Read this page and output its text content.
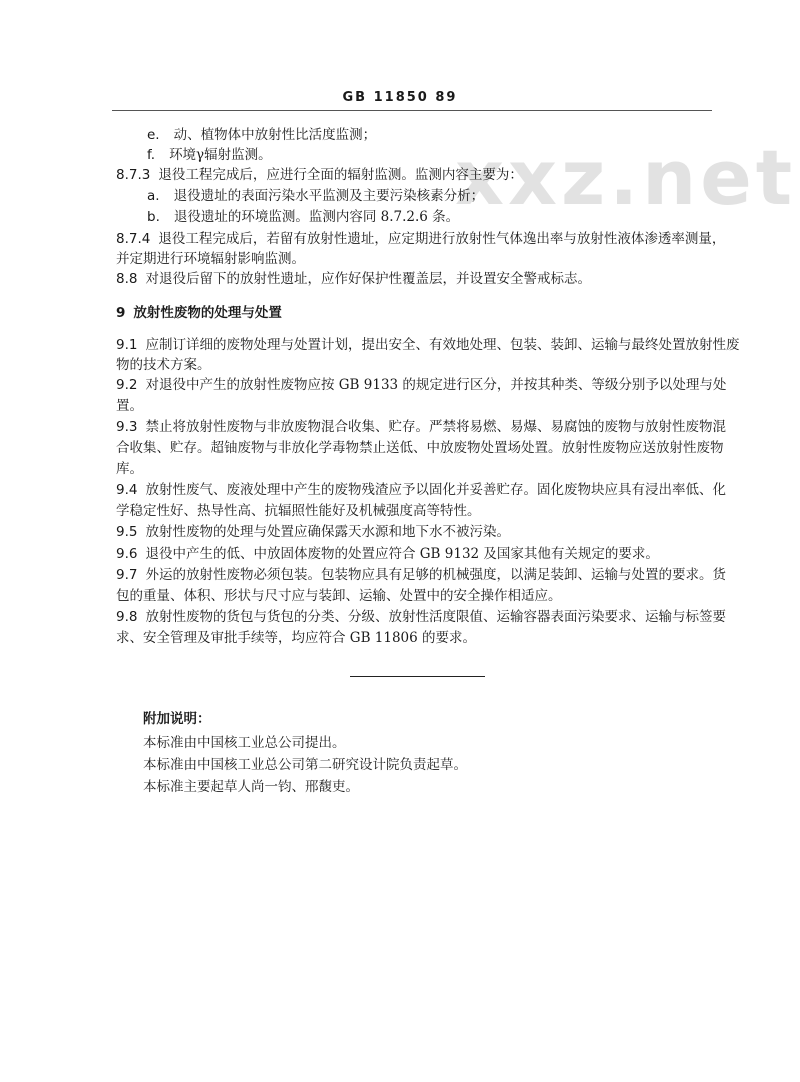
GB 11850 89
xxz.net
e. 动、植物体中放射性比活度监测；
f. 环境γ辐射监测。
8.7.3 退役工程完成后，应进行全面的辐射监测。监测内容主要为：
a. 退役遗址的表面污染水平监测及主要污染核素分析；
b. 退役遗址的环境监测。监测内容同 8.7.2.6 条。
8.7.4 退役工程完成后，若留有放射性遗址，应定期进行放射性气体逸出率与放射性液体渗透率测量，
并定期进行环境辐射影响监测。
8.8 对退役后留下的放射性遗址，应作好保护性覆盖层，并设置安全警戒标志。
9 放射性废物的处理与处置
9.1 应制订详细的废物处理与处置计划，提出安全、有效地处理、包装、装卸、运输与最终处置放射性废
物的技术方案。
9.2 对退役中产生的放射性废物应按 GB 9133 的规定进行区分，并按其种类、等级分别予以处理与处
置。
9.3 禁止将放射性废物与非放废物混合收集、贮存。严禁将易燃、易爆、易腐蚀的废物与放射性废物混
合收集、贮存。超铀废物与非放化学毒物禁止送低、中放废物处置场处置。放射性废物应送放射性废物
库。
9.4 放射性废气、废液处理中产生的废物残渣应予以固化并妥善贮存。固化废物块应具有浸出率低、化
学稳定性好、热导性高、抗辐照性能好及机械强度高等特性。
9.5 放射性废物的处理与处置应确保露天水源和地下水不被污染。
9.6 退役中产生的低、中放固体废物的处置应符合 GB 9132 及国家其他有关规定的要求。
9.7 外运的放射性废物必须包装。包装物应具有足够的机械强度，以满足装卸、运输与处置的要求。货
包的重量、体积、形状与尺寸应与装卸、运输、处置中的安全操作相适应。
9.8 放射性废物的货包与货包的分类、分级、放射性活度限值、运输容器表面污染要求、运输与标签要
求、安全管理及审批手续等，均应符合 GB 11806 的要求。
附加说明：
本标准由中国核工业总公司提出。
本标准由中国核工业总公司第二研究设计院负责起草。
本标准主要起草人尚一钧、邢馥吏。
